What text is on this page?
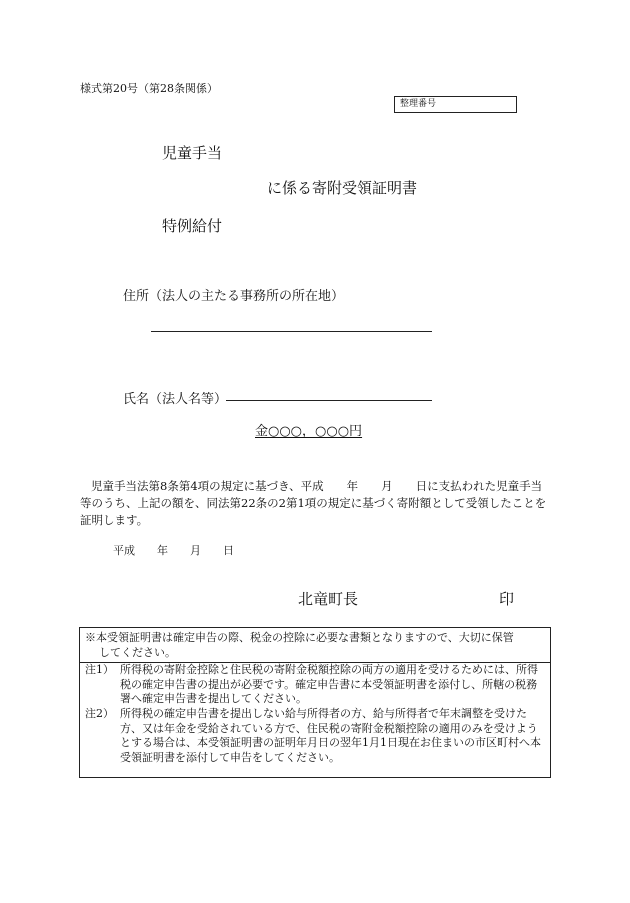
様式第20号（第28条関係）
整理番号
児童手当
に係る寄附受領証明書
特例給付
住所（法人の主たる事務所の所在地）
氏名（法人名等）
金○○○，○○○円
児童手当法第8条第4項の規定に基づき、平成　　年　　月　　日に支払われた児童手当等のうち、上記の額を、同法第22条の2第1項の規定に基づく寄附額として受領したことを証明します。
平成　　年　　月　　日
北竜町長	印
※本受領証明書は確定申告の際、税金の控除に必要な書類となりますので、大切に保管
してください。
注1） 所得税の寄附金控除と住民税の寄附金税額控除の両方の適用を受けるためには、所得税の確定申告書の提出が必要です。確定申告書に本受領証明書を添付し、所轄の税務署へ確定申告書を提出してください。
注2） 所得税の確定申告書を提出しない給与所得者の方、給与所得者で年末調整を受けた方、又は年金を受給されている方で、住民税の寄附金税額控除の適用のみを受けようとする場合は、本受領証明書の証明年月日の翌年1月1日現在お住まいの市区町村へ本受領証明書を添付して申告をしてください。
